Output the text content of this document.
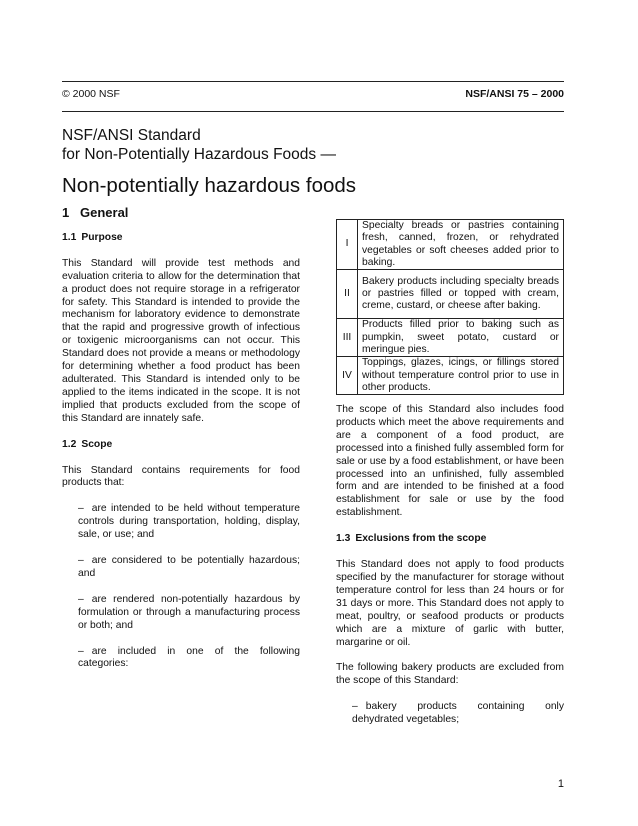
© 2000 NSF	NSF/ANSI 75 – 2000
NSF/ANSI Standard
for Non-Potentially Hazardous Foods —
Non-potentially hazardous foods
1 General
1.1 Purpose

This Standard will provide test methods and evaluation criteria to allow for the determination that a product does not require storage in a refrigerator for safety. This Standard is intended to provide the mechanism for laboratory evidence to demonstrate that the rapid and progressive growth of infectious or toxigenic microorganisms can not occur. This Standard does not provide a means or methodology for determining whether a food product has been adulterated. This Standard is intended only to be applied to the items indicated in the scope. It is not implied that products excluded from the scope of this Standard are innately safe.

1.2 Scope

This Standard contains requirements for food products that:

– are intended to be held without temperature controls during transportation, holding, display, sale, or use; and
– are considered to be potentially hazardous; and
– are rendered non-potentially hazardous by formulation or through a manufacturing process or both; and
– are included in one of the following categories:
I	Specialty breads or pastries containing fresh, canned, frozen, or rehydrated vegetables or soft cheeses added prior to baking.
II	Bakery products including specialty breads or pastries filled or topped with cream, creme, custard, or cheese after baking.
III	Products filled prior to baking such as pumpkin, sweet potato, custard or meringue pies.
IV	Toppings, glazes, icings, or fillings stored without temperature control prior to use in other products.

The scope of this Standard also includes food products which meet the above requirements and are a component of a food product, are processed into a finished fully assembled form for sale or use by a food establishment, or have been processed into an unfinished, fully assembled form and are intended to be finished at a food establishment for sale or use by the food establishment.

1.3 Exclusions from the scope

This Standard does not apply to food products specified by the manufacturer for storage without temperature control for less than 24 hours or for 31 days or more. This Standard does not apply to meat, poultry, or seafood products or products which are a mixture of garlic with butter, margarine or oil.

The following bakery products are excluded from the scope of this Standard:

– bakery products containing only dehydrated vegetables;
1
